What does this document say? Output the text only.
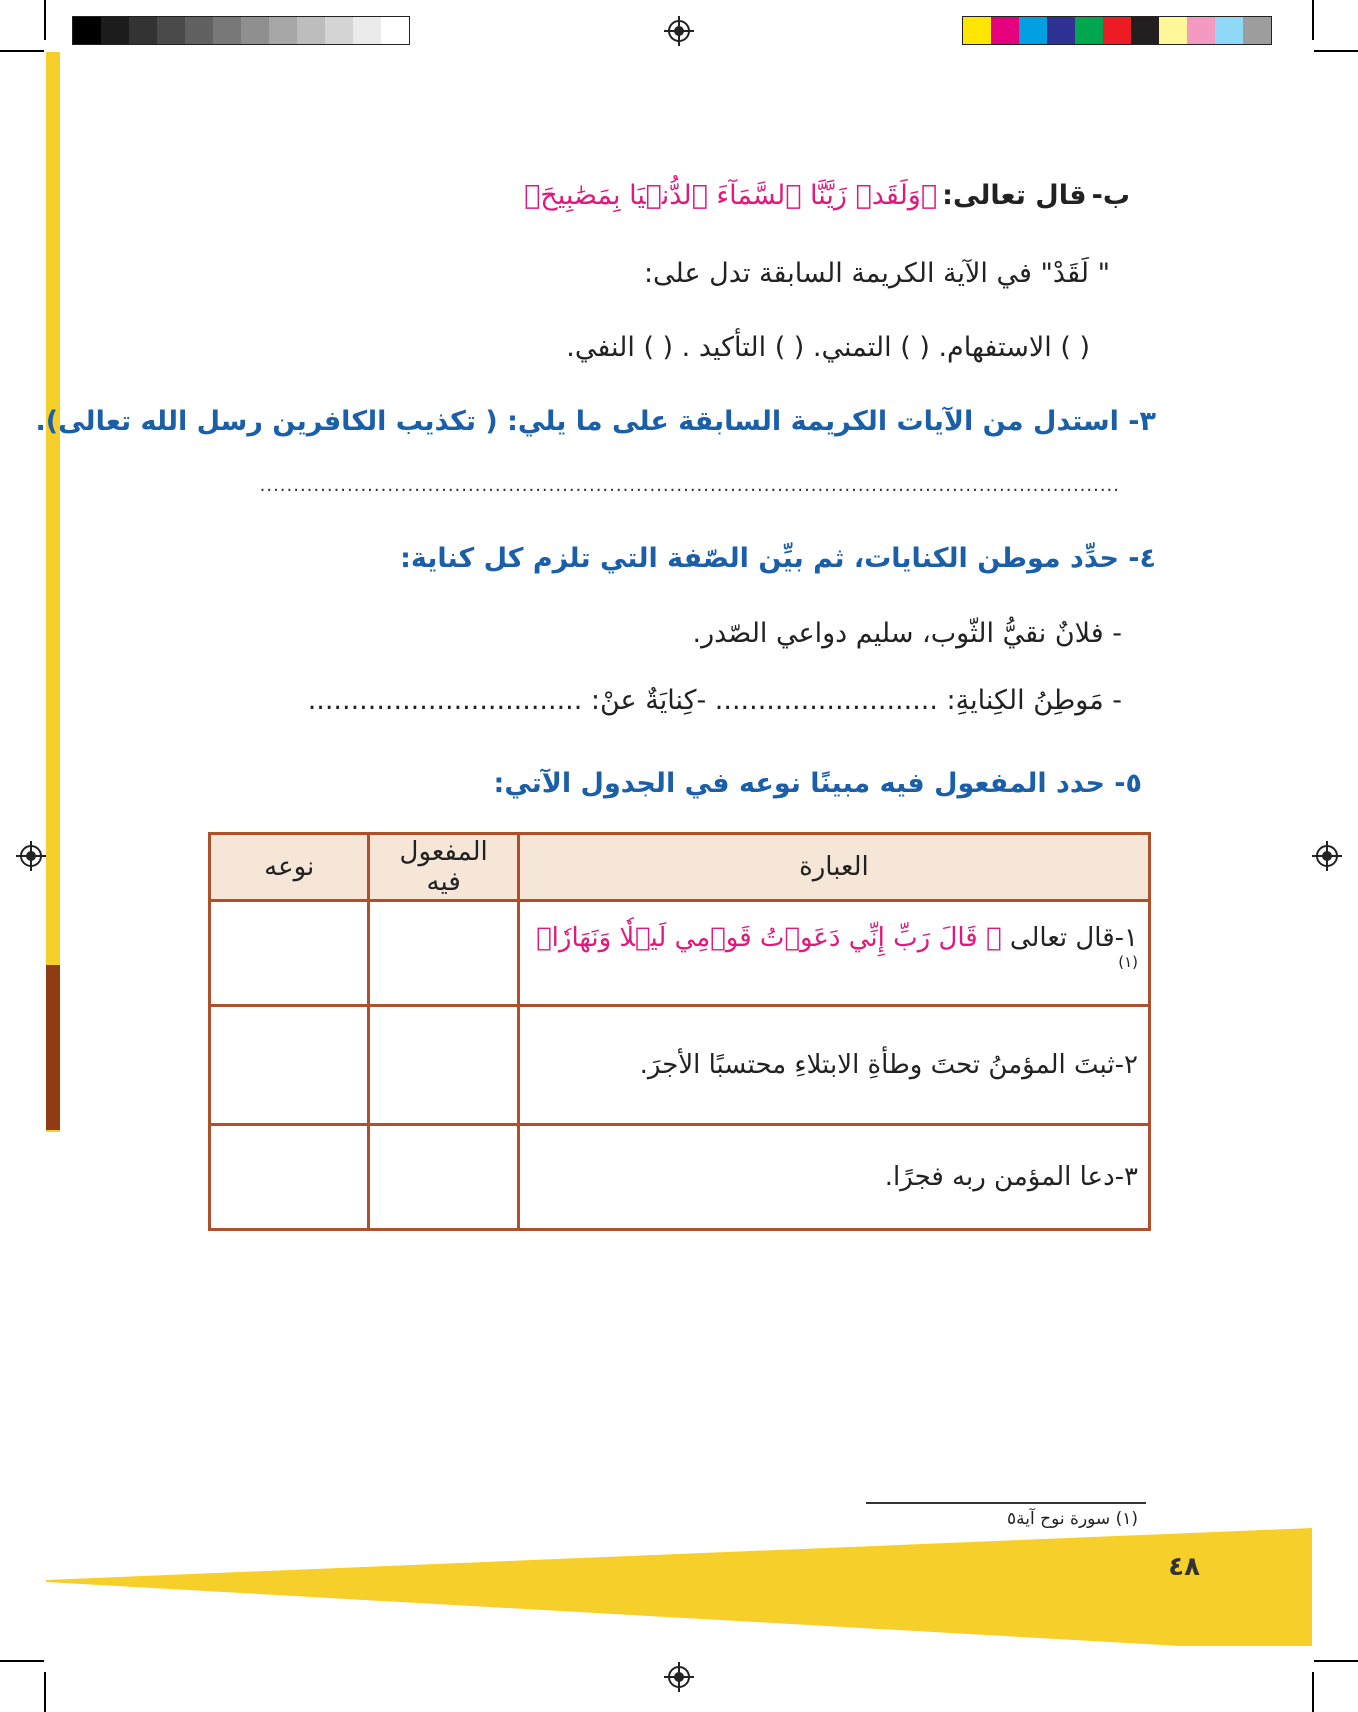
ب- قال تعالى: ﴿وَلَقَدۡ زَيَّنَّا ٱلسَّمَآءَ ٱلدُّنۡيَا بِمَصَٰبِيحَ﴾
" لَقَدْ" في الآية الكريمة السابقة تدل على:
( ) الاستفهام. ( ) التمني. ( ) التأكيد . ( ) النفي.
٣- استدل من الآيات الكريمة السابقة على ما يلي: ( تكذيب الكافرين رسل الله تعالى).
................................................................................................................................
٤- حدِّد موطن الكنايات، ثم بيِّن الصّفة التي تلزم كل كناية:
- فلانٌ نقيُّ الثّوب، سليم دواعي الصّدر.
- مَوطِنُ الكِنايةِ: .......................... -كِنايَةٌ عنْ: ................................
٥- حدد المفعول فيه مبينًا نوعه في الجدول الآتي:
العبارة	المفعول فيه	نوعه
١-قال تعالى ﴿ قَالَ رَبِّ إِنِّي دَعَوۡتُ قَوۡمِي لَيۡلٗا وَنَهَارٗا﴾ $^{(١)}$		
٢-ثبتَ المؤمنُ تحتَ وطأةِ الابتلاءِ محتسبًا الأجرَ.		
٣-دعا المؤمن ربه فجرًا.		
(١) سورة نوح آية٥
٤٨
